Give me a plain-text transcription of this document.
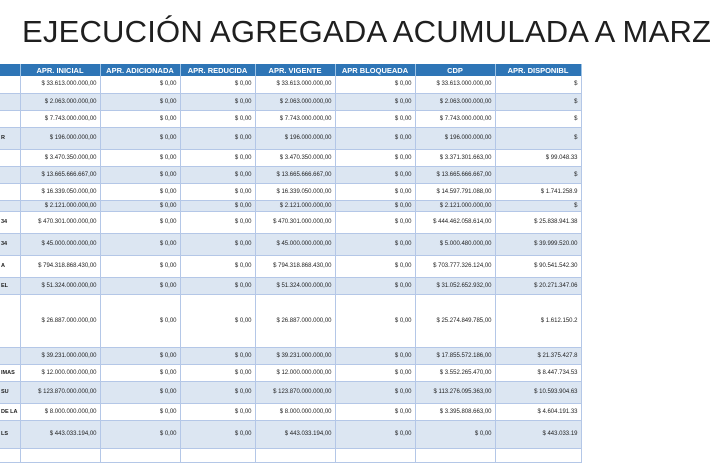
EJECUCIÓN AGREGADA ACUMULADA A MARZ
	APR. INICIAL	APR. ADICIONADA	APR. REDUCIDA	APR. VIGENTE	APR BLOQUEADA	CDP	APR. DISPONIBL
	$ 33.613.000.000,00	$ 0,00	$ 0,00	$ 33.613.000.000,00	$ 0,00	$ 33.613.000.000,00	$
	$ 2.063.000.000,00	$ 0,00	$ 0,00	$ 2.063.000.000,00	$ 0,00	$ 2.063.000.000,00	$
	$ 7.743.000.000,00	$ 0,00	$ 0,00	$ 7.743.000.000,00	$ 0,00	$ 7.743.000.000,00	$
R	$ 196.000.000,00	$ 0,00	$ 0,00	$ 196.000.000,00	$ 0,00	$ 196.000.000,00	$
	$ 3.470.350.000,00	$ 0,00	$ 0,00	$ 3.470.350.000,00	$ 0,00	$ 3.371.301.663,00	$ 99.048.33
	$ 13.665.666.667,00	$ 0,00	$ 0,00	$ 13.665.666.667,00	$ 0,00	$ 13.665.666.667,00	$
	$ 16.339.050.000,00	$ 0,00	$ 0,00	$ 16.339.050.000,00	$ 0,00	$ 14.597.791.088,00	$ 1.741.258.9
	$ 2.121.000.000,00	$ 0,00	$ 0,00	$ 2.121.000.000,00	$ 0,00	$ 2.121.000.000,00	$
34	$ 470.301.000.000,00	$ 0,00	$ 0,00	$ 470.301.000.000,00	$ 0,00	$ 444.462.058.614,00	$ 25.838.941.38
34	$ 45.000.000.000,00	$ 0,00	$ 0,00	$ 45.000.000.000,00	$ 0,00	$ 5.000.480.000,00	$ 39.999.520.00
A	$ 794.318.868.430,00	$ 0,00	$ 0,00	$ 794.318.868.430,00	$ 0,00	$ 703.777.326.124,00	$ 90.541.542.30
EL	$ 51.324.000.000,00	$ 0,00	$ 0,00	$ 51.324.000.000,00	$ 0,00	$ 31.052.652.932,00	$ 20.271.347.06
	$ 26.887.000.000,00	$ 0,00	$ 0,00	$ 26.887.000.000,00	$ 0,00	$ 25.274.849.785,00	$ 1.612.150.2
	$ 39.231.000.000,00	$ 0,00	$ 0,00	$ 39.231.000.000,00	$ 0,00	$ 17.855.572.186,00	$ 21.375.427.8
IMAS	$ 12.000.000.000,00	$ 0,00	$ 0,00	$ 12.000.000.000,00	$ 0,00	$ 3.552.265.470,00	$ 8.447.734.53
SU	$ 123.870.000.000,00	$ 0,00	$ 0,00	$ 123.870.000.000,00	$ 0,00	$ 113.276.095.363,00	$ 10.593.904.63
DE LA	$ 8.000.000.000,00	$ 0,00	$ 0,00	$ 8.000.000.000,00	$ 0,00	$ 3.395.808.663,00	$ 4.604.191.33
LS	$ 443.033.194,00	$ 0,00	$ 0,00	$ 443.033.194,00	$ 0,00	$ 0,00	$ 443.033.19
